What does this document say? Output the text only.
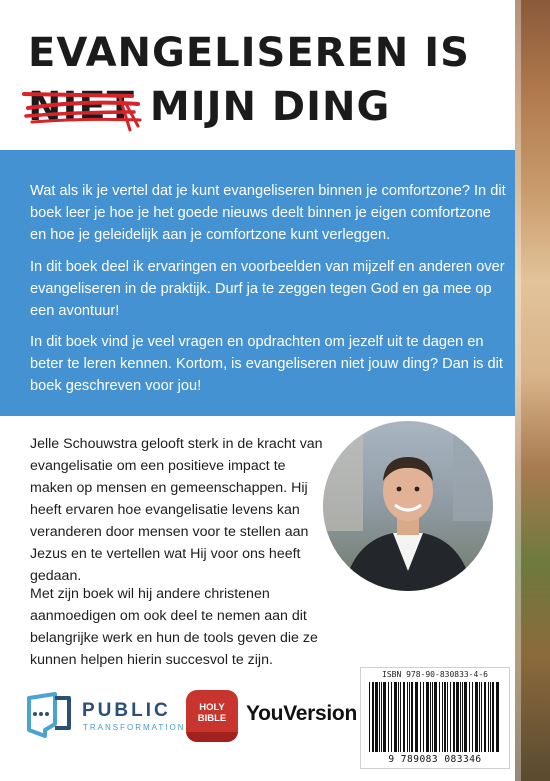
EVANGELISEREN IS
NIET MIJN DING

Wat als ik je vertel dat je kunt evangeliseren binnen je comfortzone? In dit boek leer je hoe je het goede nieuws deelt binnen je eigen comfortzone en hoe je geleidelijk aan je comfortzone kunt verleggen.

In dit boek deel ik ervaringen en voorbeelden van mijzelf en anderen over evangeliseren in de praktijk. Durf ja te zeggen tegen God en ga mee op een avontuur!

In dit boek vind je veel vragen en opdrachten om jezelf uit te dagen en beter te leren kennen. Kortom, is evangeliseren niet jouw ding? Dan is dit boek geschreven voor jou!

Jelle Schouwstra gelooft sterk in de kracht van evangelisatie om een positieve impact te maken op mensen en gemeenschappen. Hij heeft ervaren hoe evangelisatie levens kan veranderen door mensen voor te stellen aan Jezus en te vertellen wat Hij voor ons heeft gedaan.

Met zijn boek wil hij andere christenen aanmoedigen om ook deel te nemen aan dit belangrijke werk en hun de tools geven die ze kunnen helpen hierin succesvol te zijn.

ISBN 978-90-830833-4-6
9 789083 083346
PUBLIC
TRANSFORMATION
HOLY
BIBLE YouVersion
